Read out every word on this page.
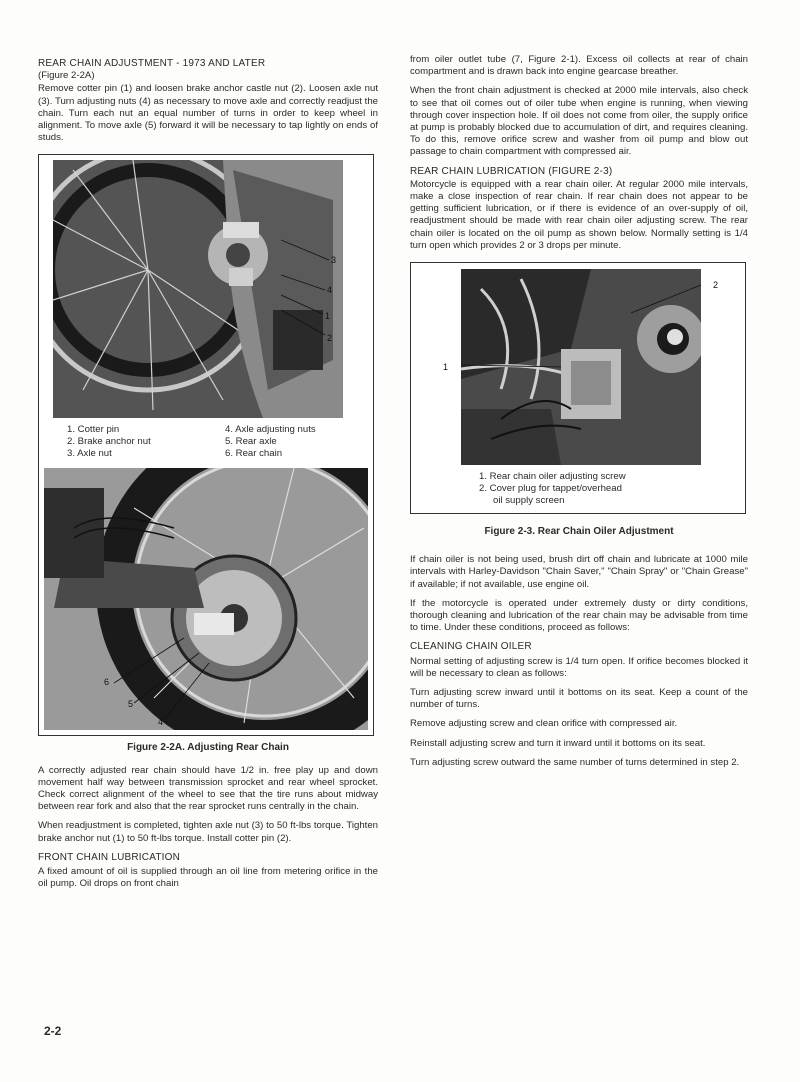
REAR CHAIN ADJUSTMENT - 1973 AND LATER
(Figure 2-2A)

Remove cotter pin (1) and loosen brake anchor castle nut (2). Loosen axle nut (3). Turn adjusting nuts (4) as necessary to move axle and correctly readjust the chain. Turn each nut an equal number of turns in order to keep wheel in alignment. To move axle (5) forward it will be necessary to tap lightly on ends of studs.

3
4
1
2
1. Cotter pin	4. Axle adjusting nuts
2. Brake anchor nut	5. Rear axle
3. Axle nut	6. Rear chain
6
5
4
Figure 2-2A. Adjusting Rear Chain

A correctly adjusted rear chain should have 1/2 in. free play up and down movement half way between transmission sprocket and rear wheel sprocket. Check correct alignment of the wheel to see that the tire runs about midway between rear fork and also that the rear sprocket runs centrally in the chain.

When readjustment is completed, tighten axle nut (3) to 50 ft-lbs torque. Tighten brake anchor nut (1) to 50 ft-lbs torque. Install cotter pin (2).

FRONT CHAIN LUBRICATION

A fixed amount of oil is supplied through an oil line from metering orifice in the oil pump. Oil drops on front chain

from oiler outlet tube (7, Figure 2-1). Excess oil collects at rear of chain compartment and is drawn back into engine gearcase breather.

When the front chain adjustment is checked at 2000 mile intervals, also check to see that oil comes out of oiler tube when engine is running, when viewing through cover inspection hole. If oil does not come from oiler, the supply orifice at pump is probably blocked due to accumulation of dirt, and requires cleaning. To do this, remove orifice screw and washer from oil pump and blow out passage to chain compartment with compressed air.

REAR CHAIN LUBRICATION (FIGURE 2-3)

Motorcycle is equipped with a rear chain oiler. At regular 2000 mile intervals, make a close inspection of rear chain. If rear chain does not appear to be getting sufficient lubrication, or if there is evidence of an over-supply of oil, readjustment should be made with rear chain oiler adjusting screw. The rear chain oiler is located on the oil pump as shown below. Normally setting is 1/4 turn open which provides 2 or 3 drops per minute.

1
2
1. Rear chain oiler adjusting screw
2. Cover plug for tappet/overhead
oil supply screen
Figure 2-3. Rear Chain Oiler Adjustment

If chain oiler is not being used, brush dirt off chain and lubricate at 1000 mile intervals with Harley-Davidson "Chain Saver," "Chain Spray" or "Chain Grease" if available; if not available, use engine oil.

If the motorcycle is operated under extremely dusty or dirty conditions, thorough cleaning and lubrication of the rear chain may be advisable from time to time. Under these conditions, proceed as follows:

CLEANING CHAIN OILER

Normal setting of adjusting screw is 1/4 turn open. If orifice becomes blocked it will be necessary to clean as follows:

Turn adjusting screw inward until it bottoms on its seat. Keep a count of the number of turns.

Remove adjusting screw and clean orifice with compressed air.

Reinstall adjusting screw and turn it inward until it bottoms on its seat.

Turn adjusting screw outward the same number of turns determined in step 2.

2-2
